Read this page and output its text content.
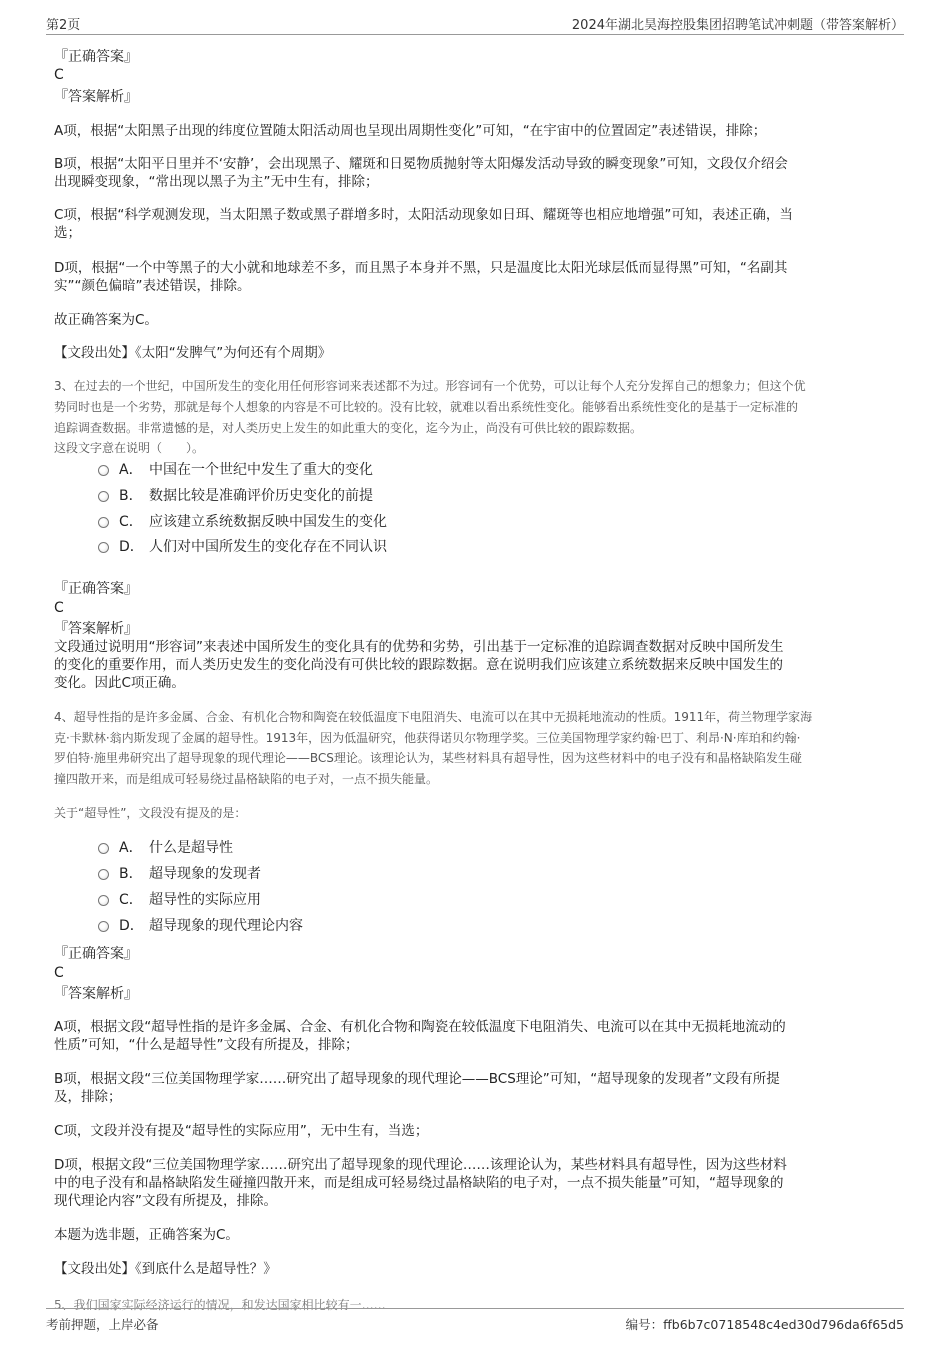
第2页	2024年湖北昊海控股集团招聘笔试冲刺题（带答案解析）
『正确答案』
C
『答案解析』
A项，根据“太阳黑子出现的纬度位置随太阳活动周也呈现出周期性变化”可知，“在宇宙中的位置固定”表述错误，排除；
B项，根据“太阳平日里并不‘安静’，会出现黑子、耀斑和日冕物质抛射等太阳爆发活动导致的瞬变现象”可知，文段仅介绍会
出现瞬变现象，“常出现以黑子为主”无中生有，排除；
C项，根据“科学观测发现，当太阳黑子数或黑子群增多时，太阳活动现象如日珥、耀斑等也相应地增强”可知，表述正确，当
选；
D项，根据“一个中等黑子的大小就和地球差不多，而且黑子本身并不黑，只是温度比太阳光球层低而显得黑”可知，“名副其
实”“颜色偏暗”表述错误，排除。
故正确答案为C。
【文段出处】《太阳“发脾气”为何还有个周期》
3、在过去的一个世纪，中国所发生的变化用任何形容词来表述都不为过。形容词有一个优势，可以让每个人充分发挥自己的想象力；但这个优
势同时也是一个劣势，那就是每个人想象的内容是不可比较的。没有比较，就难以看出系统性变化。能够看出系统性变化的是基于一定标准的
追踪调查数据。非常遗憾的是，对人类历史上发生的如此重大的变化，迄今为止，尚没有可供比较的跟踪数据。
这段文字意在说明（　　）。
A． 中国在一个世纪中发生了重大的变化
B． 数据比较是准确评价历史变化的前提
C． 应该建立系统数据反映中国发生的变化
D． 人们对中国所发生的变化存在不同认识
『正确答案』
C
『答案解析』
文段通过说明用“形容词”来表述中国所发生的变化具有的优势和劣势，引出基于一定标准的追踪调查数据对反映中国所发生
的变化的重要作用，而人类历史发生的变化尚没有可供比较的跟踪数据。意在说明我们应该建立系统数据来反映中国发生的
变化。因此C项正确。
4、超导性指的是许多金属、合金、有机化合物和陶瓷在较低温度下电阻消失、电流可以在其中无损耗地流动的性质。1911年，荷兰物理学家海
克·卡默林·翁内斯发现了金属的超导性。1913年，因为低温研究，他获得诺贝尔物理学奖。三位美国物理学家约翰·巴丁、利昂·N·库珀和约翰·
罗伯特·施里弗研究出了超导现象的现代理论——BCS理论。该理论认为，某些材料具有超导性，因为这些材料中的电子没有和晶格缺陷发生碰
撞四散开来，而是组成可轻易绕过晶格缺陷的电子对，一点不损失能量。
关于“超导性”，文段没有提及的是：
A． 什么是超导性
B． 超导现象的发现者
C． 超导性的实际应用
D． 超导现象的现代理论内容
『正确答案』
C
『答案解析』
A项，根据文段“超导性指的是许多金属、合金、有机化合物和陶瓷在较低温度下电阻消失、电流可以在其中无损耗地流动的
性质”可知，“什么是超导性”文段有所提及，排除；
B项，根据文段“三位美国物理学家……研究出了超导现象的现代理论——BCS理论”可知，“超导现象的发现者”文段有所提
及，排除；
C项，文段并没有提及“超导性的实际应用”，无中生有，当选；
D项，根据文段“三位美国物理学家……研究出了超导现象的现代理论……该理论认为，某些材料具有超导性，因为这些材料
中的电子没有和晶格缺陷发生碰撞四散开来，而是组成可轻易绕过晶格缺陷的电子对，一点不损失能量”可知，“超导现象的
现代理论内容”文段有所提及，排除。
本题为选非题，正确答案为C。
【文段出处】《到底什么是超导性？》
5、我们国家实际经济运行的情况，和发达国家相比较有一……
考前押题，上岸必备	编号：ffb6b7c0718548c4ed30d796da6f65d5
